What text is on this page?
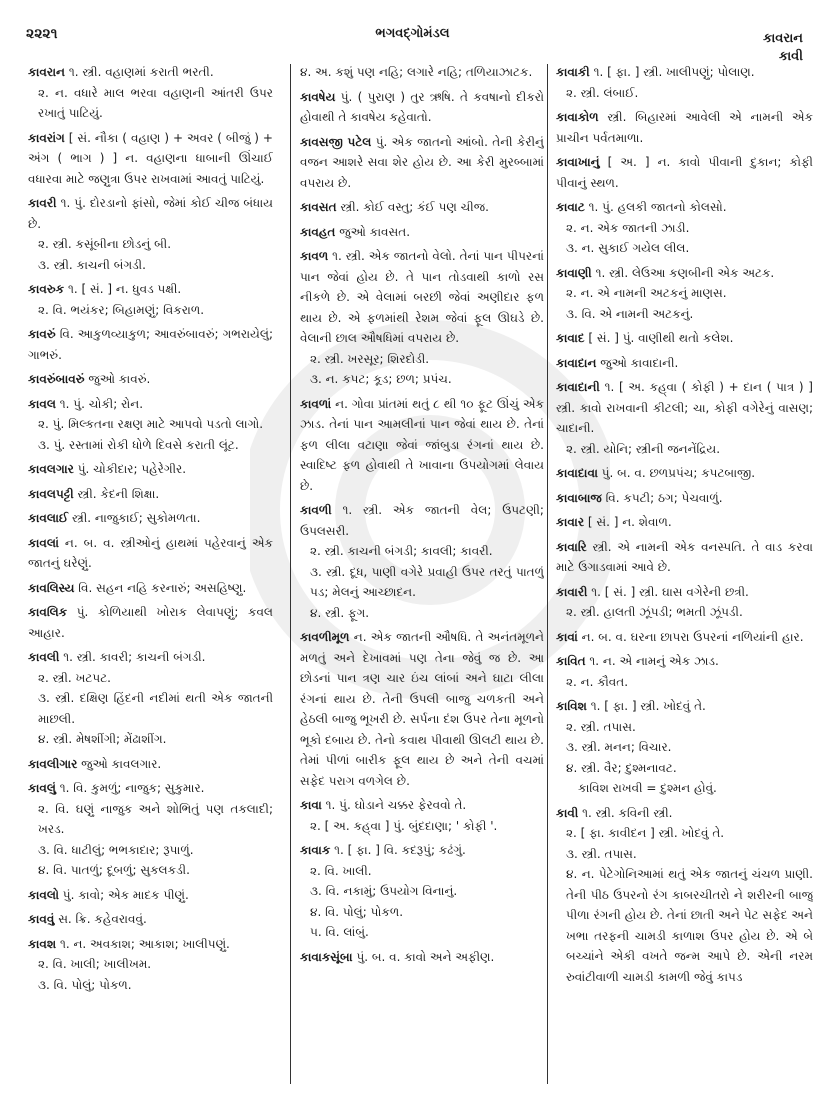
૨૨૨૧	ભગવદ્ગોમંડલ	કાવરાન
કાવી
કાવરાન ૧. સ્ત્રી. વહાણમાં કરાતી ભરતી.
૨. ન. વધારે માલ ભરવા વહાણની આંતરી ઉપર રખાતું પાટિયું.
કાવરાંગ [ સં. નૌકા ( વહાણ ) + અવર ( બીજું ) + અંગ ( ભાગ ) ] ન. વહાણના ધાબાની ઊંચાઈ વધારવા માટે જણુત્રા ઉપર રાખવામાં આવતું પાટિયું.
કાવરી ૧. પું. દોરડાનો ફાંસો, જેમાં કોઈ ચીજ બંધાય છે.
૨. સ્ત્રી. કસૂંબીના છોડનું બી.
૩. સ્ત્રી. કાચની બંગડી.
કાવરુક ૧. [ સં. ] ન. ધુવડ પક્ષી.
૨. વિ. ભયંકર; બિહામણું; વિકરાળ.
કાવરું વિ. આકુળવ્યાકુળ; આવરુંબાવરું; ગભરાયેલું; ગાભરું.
કાવરુંબાવરું જુઓ કાવરું.
કાવલ ૧. પું. ચોકી; રોન.
૨. પું. મિલ્કતના રક્ષણ માટે આપવો પડતો લાગો.
૩. પું. રસ્તામાં રોકી ધોળે દિવસે કરાતી લૂંટ.
કાવલગાર પું. ચોકીદાર; પહેરેગીર.
કાવલપટ્ટી સ્ત્રી. કેદની શિક્ષા.
કાવલાઈ સ્ત્રી. નાજુકાઈ; સુકોમળતા.
કાવલાં ન. બ. વ. સ્ત્રીઓનું હાથમાં પહેરવાનું એક જાતનું ઘરેણું.
કાવલિસ્ય વિ. સહન નહિ કરનારું; અસહિષ્ણુ.
કાવલિક પું. કોળિયાથી ખોરાક લેવાપણું; કવલ આહાર.
કાવલી ૧. સ્ત્રી. કાવરી; કાચની બંગડી.
૨. સ્ત્રી. ખટપટ.
૩. સ્ત્રી. દક્ષિણ હિંદની નદીમાં થતી એક જાતની માછલી.
૪. સ્ત્રી. મેષશીંગી; મેંઢાશીંગ.
કાવલીગાર જુઓ કાવલગાર.
કાવલું ૧. વિ. કુમળું; નાજુક; સુકુમાર.
૨. વિ. ઘણું નાજુક અને શોભિતું પણ તકલાદી; ખરડ.
૩. વિ. ધાટીલું; ભભકાદાર; રૂપાળું.
૪. વિ. પાતળું; દૂબળું; સુકલકડી.
કાવલો પું. કાવો; એક માદક પીણું.
કાવવું સ. ક્રિ. કહેવરાવવું.
કાવશ ૧. ન. અવકાશ; આકાશ; ખાલીપણું.
૨. વિ. ખાલી; ખાલીખમ.
૩. વિ. પોલું; પોકળ.
૪. અ. કશું પણ નહિ; લગારે નહિ; તળિયાઝાટક.
કાવષેય પું. ( પુરાણ ) તુર ઋષિ. તે કવષાનો દીકરો હોવાથી તે કાવષેય કહેવાતો.
કાવસજી પટેલ પું. એક જાતનો આંબો. તેની કેરીનું વજન આશરે સવા શેર હોય છે. આ કેરી મુરબ્બામાં વપરાય છે.
કાવસત સ્ત્રી. કોઈ વસ્તુ; કંઈ પણ ચીજ.
કાવહત જુઓ કાવસત.
કાવળ ૧. સ્ત્રી. એક જાતનો વેલો. તેનાં પાન પીપરનાં પાન જેવાં હોય છે. તે પાન તોડવાથી કાળો રસ નીકળે છે. એ વેલામાં બરછી જેવાં અણીદાર ફળ થાય છે. એ ફળમાંથી રેશમ જેવાં ફૂલ ઊઘડે છે. વેલાની છાલ ઔષધિમાં વપરાય છે.
૨. સ્ત્રી. ખરસૂર; શિરદોડી.
૩. ન. કપટ; કૂડ; છળ; પ્રપંચ.
કાવળાં ન. ગોવા પ્રાંતમાં થતું ૮ થી ૧૦ ફૂટ ઊંચું એક ઝાડ. તેનાં પાન આમલીનાં પાન જેવાં થાય છે. તેનાં ફળ લીલા વટાણા જેવાં જાંબુડા રંગનાં થાય છે. સ્વાદિષ્ટ ફળ હોવાથી તે ખાવાના ઉપયોગમાં લેવાય છે.
કાવળી ૧. સ્ત્રી. એક જાતની વેલ; ઉપટણી; ઉપલસરી.
૨. સ્ત્રી. કાચની બંગડી; કાવલી; કાવરી.
૩. સ્ત્રી. દૂધ, પાણી વગેરે પ્રવાહી ઉપર તરતું પાતળું પડ; મેલનું આચ્છાદન.
૪. સ્ત્રી. ફૂગ.
કાવળીમૂળ ન. એક જાતની ઔષધિ. તે અનંતમૂળને મળતું અને દેખાવમાં પણ તેના જેવું જ છે. આ છોડનાં પાન ત્રણ ચાર ઇંચ લાંબાં અને ઘાટા લીલા રંગનાં થાય છે. તેની ઉપલી બાજુ ચળકતી અને હેઠલી બાજુ ભૂખરી છે. સર્પના દંશ ઉપર તેના મૂળનો ભૂકો દબાય છે. તેનો કવાથ પીવાથી ઊલટી થાય છે. તેમાં પીળાં બારીક ફૂલ થાય છે અને તેની વચમાં સફેદ પરાગ વળગેલ છે.
કાવા ૧. પું. ઘોડાને ચક્કર ફેરવવો તે.
૨. [ અ. કહ્‌વા ] પું. બુંદદાણા; ' કોફી '.
કાવાક ૧. [ ફા. ] વિ. કદરૂપું; કઢંગું.
૨. વિ. ખાલી.
૩. વિ. નકામું; ઉપયોગ વિનાનું.
૪. વિ. પોલું; પોકળ.
૫. વિ. લાંબું.
કાવાકસૂંબા પું. બ. વ. કાવો અને અફીણ.
કાવાકી ૧. [ ફા. ] સ્ત્રી. ખાલીપણું; પોલાણ.
૨. સ્ત્રી. લંબાઈ.
કાવાકોળ સ્ત્રી. બિહારમાં આવેલી એ નામની એક પ્રાચીન પર્વતમાળા.
કાવાખાનું [ અ. ] ન. કાવો પીવાની દુકાન; કોફી પીવાનું સ્થળ.
કાવાટ ૧. પું. હલકી જાતનો કોલસો.
૨. ન. એક જાતની ઝાડી.
૩. ન. સુકાઈ ગયેલ લીલ.
કાવાણી ૧. સ્ત્રી. લેઉઆ કણબીની એક અટક.
૨. ન. એ નામની અટકનું માણસ.
૩. વિ. એ નામની અટકનું.
કાવાદ [ સં. ] પું. વાણીથી થતો કલેશ.
કાવાદાન જુઓ કાવાદાની.
કાવાદાની ૧. [ અ. કહ્‌વા ( કોફી ) + દાન ( પાત્ર ) ] સ્ત્રી. કાવો રાખવાની કીટલી; ચા, કોફી વગેરેનું વાસણ; ચાદાની.
૨. સ્ત્રી. યોનિ; સ્ત્રીની જનનેંદ્રિય.
કાવાદાવા પું. બ. વ. છળપ્રપંચ; કપટબાજી.
કાવાબાજ વિ. કપટી; ઠગ; પેચવાળું.
કાવાર [ સં. ] ન. શેવાળ.
કાવારિ સ્ત્રી. એ નામની એક વનસ્પતિ. તે વાડ કરવા માટે ઉગાડવામાં આવે છે.
કાવારી ૧. [ સં. ] સ્ત્રી. ઘાસ વગેરેની છત્રી.
૨. સ્ત્રી. હાલતી ઝૂંપડી; ભમતી ઝૂંપડી.
કાવાં ન. બ. વ. ઘરના છાપરા ઉપરનાં નળિયાંની હાર.
કાવિત ૧. ન. એ નામનું એક ઝાડ.
૨. ન. કૌવત.
કાવિશ ૧. [ ફા. ] સ્ત્રી. ખોદવું તે.
૨. સ્ત્રી. તપાસ.
૩. સ્ત્રી. મનન; વિચાર.
૪. સ્ત્રી. વૈર; દુશ્મનાવટ.
કાવિશ રાખવી = દુશ્મન હોવું.
કાવી ૧. સ્ત્રી. કવિની સ્ત્રી.
૨. [ ફા. કાવીદન ] સ્ત્રી. ખોદવું તે.
૩. સ્ત્રી. તપાસ.
૪. ન. પેટેગોનિઆમાં થતું એક જાતનું ચંચળ પ્રાણી. તેની પીઠ ઉપરનો રંગ કાબરચીતરો ને શરીરની બાજુ પીળા રંગની હોય છે. તેનાં છાતી અને પેટ સફેદ અને ખભા તરફની ચામડી કાળાશ ઉપર હોય છે. એ બે બચ્ચાંને એકી વખતે જન્મ આપે છે. એની નરમ રુવાંટીવાળી ચામડી કામળી જેવું કાપડ
